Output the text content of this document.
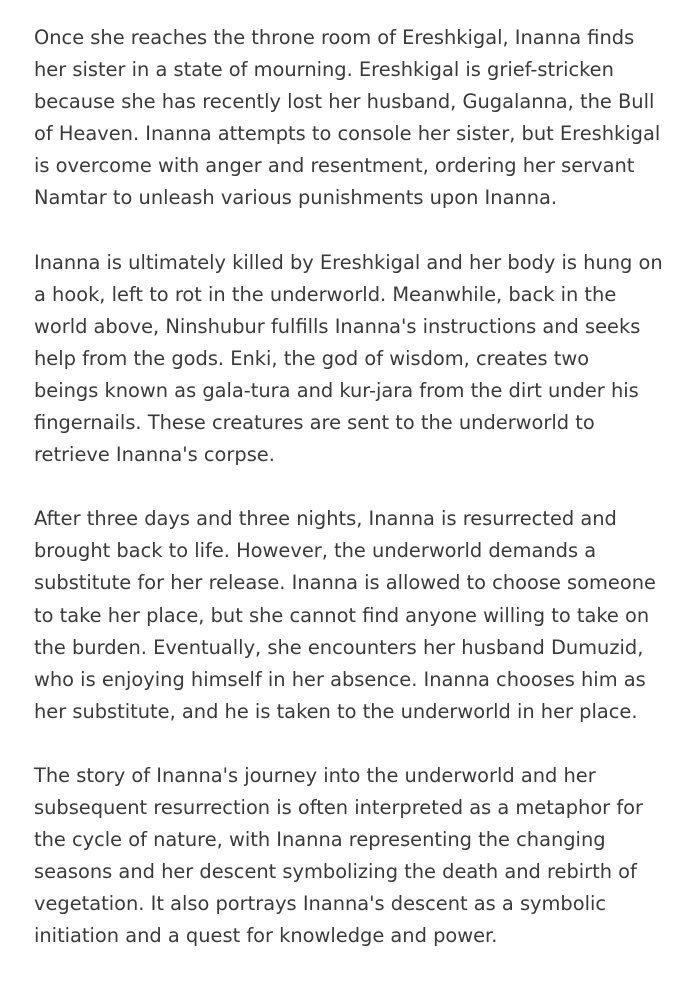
Once she reaches the throne room of Ereshkigal, Inanna finds
her sister in a state of mourning. Ereshkigal is grief-stricken
because she has recently lost her husband, Gugalanna, the Bull
of Heaven. Inanna attempts to console her sister, but Ereshkigal
is overcome with anger and resentment, ordering her servant
Namtar to unleash various punishments upon Inanna.

Inanna is ultimately killed by Ereshkigal and her body is hung on
a hook, left to rot in the underworld. Meanwhile, back in the
world above, Ninshubur fulfills Inanna's instructions and seeks
help from the gods. Enki, the god of wisdom, creates two
beings known as gala-tura and kur-jara from the dirt under his
fingernails. These creatures are sent to the underworld to
retrieve Inanna's corpse.

After three days and three nights, Inanna is resurrected and
brought back to life. However, the underworld demands a
substitute for her release. Inanna is allowed to choose someone
to take her place, but she cannot find anyone willing to take on
the burden. Eventually, she encounters her husband Dumuzid,
who is enjoying himself in her absence. Inanna chooses him as
her substitute, and he is taken to the underworld in her place.

The story of Inanna's journey into the underworld and her
subsequent resurrection is often interpreted as a metaphor for
the cycle of nature, with Inanna representing the changing
seasons and her descent symbolizing the death and rebirth of
vegetation. It also portrays Inanna's descent as a symbolic
initiation and a quest for knowledge and power.
